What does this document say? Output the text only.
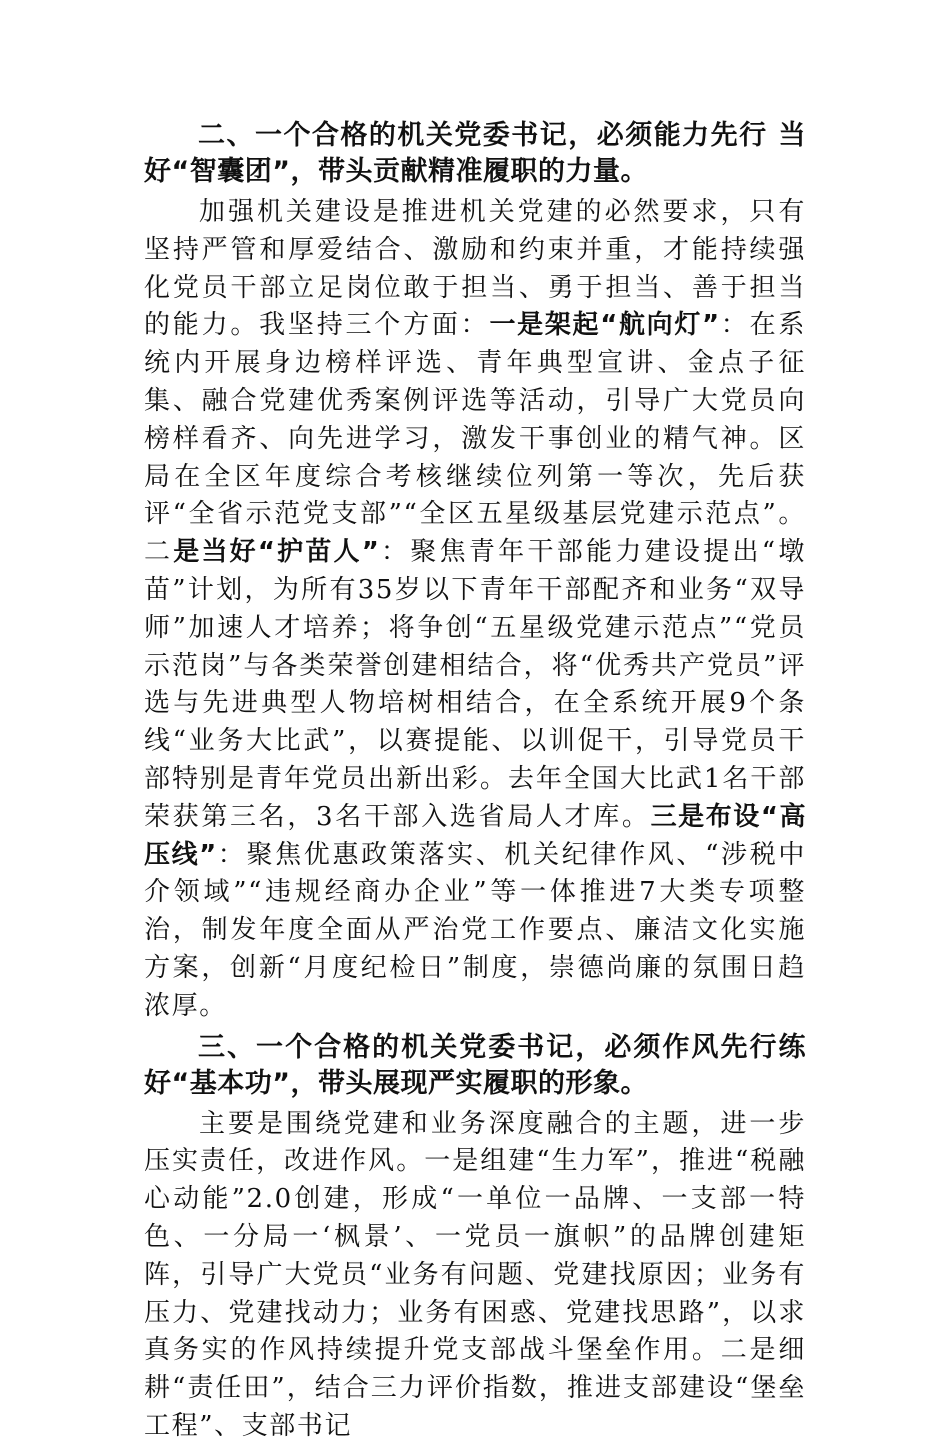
二、一个合格的机关党委书记，必须能力先行 当好“智囊团”，带头贡献精准履职的力量。

加强机关建设是推进机关党建的必然要求，只有坚持严管和厚爱结合、激励和约束并重，才能持续强化党员干部立足岗位敢于担当、勇于担当、善于担当的能力。我坚持三个方面：一是架起“航向灯”：在系统内开展身边榜样评选、青年典型宣讲、金点子征集、融合党建优秀案例评选等活动，引导广大党员向榜样看齐、向先进学习，激发干事创业的精气神。区局在全区年度综合考核继续位列第一等次，先后获评“全省示范党支部”“全区五星级基层党建示范点”。二是当好“护苗人”：聚焦青年干部能力建设提出“墩苗”计划，为所有35岁以下青年干部配齐和业务“双导师”加速人才培养；将争创“五星级党建示范点”“党员示范岗”与各类荣誉创建相结合，将“优秀共产党员”评选与先进典型人物培树相结合，在全系统开展9个条线“业务大比武”，以赛提能、以训促干，引导党员干部特别是青年党员出新出彩。去年全国大比武1名干部荣获第三名，3名干部入选省局人才库。三是布设“高压线”：聚焦优惠政策落实、机关纪律作风、“涉税中介领域”“违规经商办企业”等一体推进7大类专项整治，制发年度全面从严治党工作要点、廉洁文化实施方案，创新“月度纪检日”制度，崇德尚廉的氛围日趋浓厚。

三、一个合格的机关党委书记，必须作风先行练好“基本功”，带头展现严实履职的形象。

主要是围绕党建和业务深度融合的主题，进一步压实责任，改进作风。一是组建“生力军”，推进“税融心动能”2.0创建，形成“一单位一品牌、一支部一特色、一分局一‘枫景’、一党员一旗帜”的品牌创建矩阵，引导广大党员“业务有问题、党建找原因；业务有压力、党建找动力；业务有困惑、党建找思路”，以求真务实的作风持续提升党支部战斗堡垒作用。二是细耕“责任田”，结合三力评价指数，推进支部建设“堡垒工程”、支部书记
